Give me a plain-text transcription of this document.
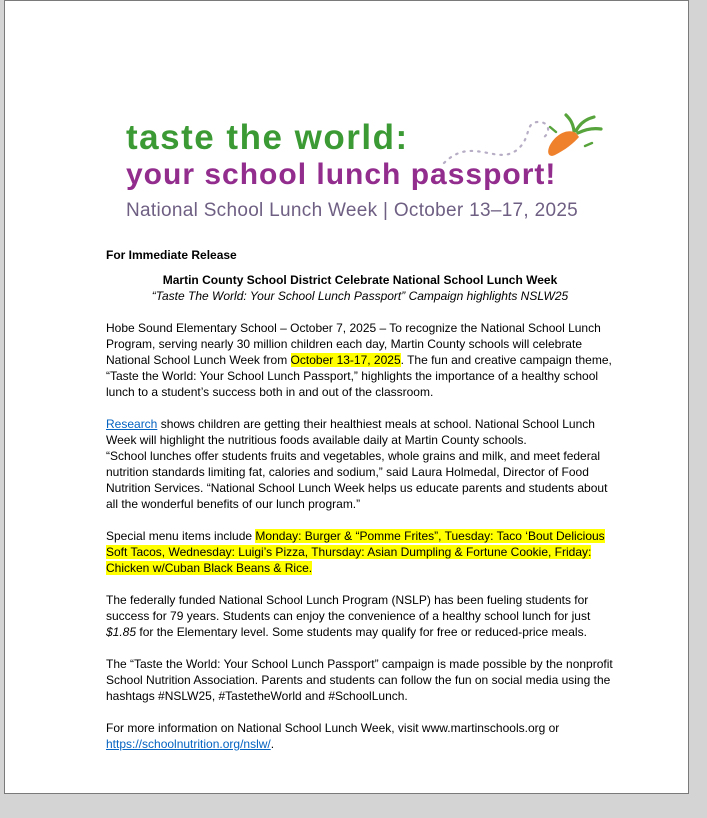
taste the world:
your school lunch passport!
National School Lunch Week | October 13–17, 2025
For Immediate Release
Martin County School District Celebrate National School Lunch Week
“Taste The World: Your School Lunch Passport” Campaign highlights NSLW25

Hobe Sound Elementary School – October 7, 2025 – To recognize the National School Lunch Program, serving nearly 30 million children each day, Martin County schools will celebrate National School Lunch Week from October 13-17, 2025. The fun and creative campaign theme, “Taste the World: Your School Lunch Passport,” highlights the importance of a healthy school lunch to a student’s success both in and out of the classroom.

Research shows children are getting their healthiest meals at school. National School Lunch Week will highlight the nutritious foods available daily at Martin County schools.

“School lunches offer students fruits and vegetables, whole grains and milk, and meet federal nutrition standards limiting fat, calories and sodium,” said Laura Holmedal, Director of Food Nutrition Services. “National School Lunch Week helps us educate parents and students about all the wonderful benefits of our lunch program.”

Special menu items include Monday: Burger & “Pomme Frites”, Tuesday: Taco ‘Bout Delicious Soft Tacos, Wednesday: Luigi’s Pizza, Thursday: Asian Dumpling & Fortune Cookie, Friday: Chicken w/Cuban Black Beans & Rice.

The federally funded National School Lunch Program (NSLP) has been fueling students for success for 79 years. Students can enjoy the convenience of a healthy school lunch for just $1.85 for the Elementary level. Some students may qualify for free or reduced-price meals.

The “Taste the World: Your School Lunch Passport” campaign is made possible by the nonprofit School Nutrition Association. Parents and students can follow the fun on social media using the hashtags #NSLW25, #TastetheWorld and #SchoolLunch.

For more information on National School Lunch Week, visit www.martinschools.org or https://schoolnutrition.org/nslw/.
